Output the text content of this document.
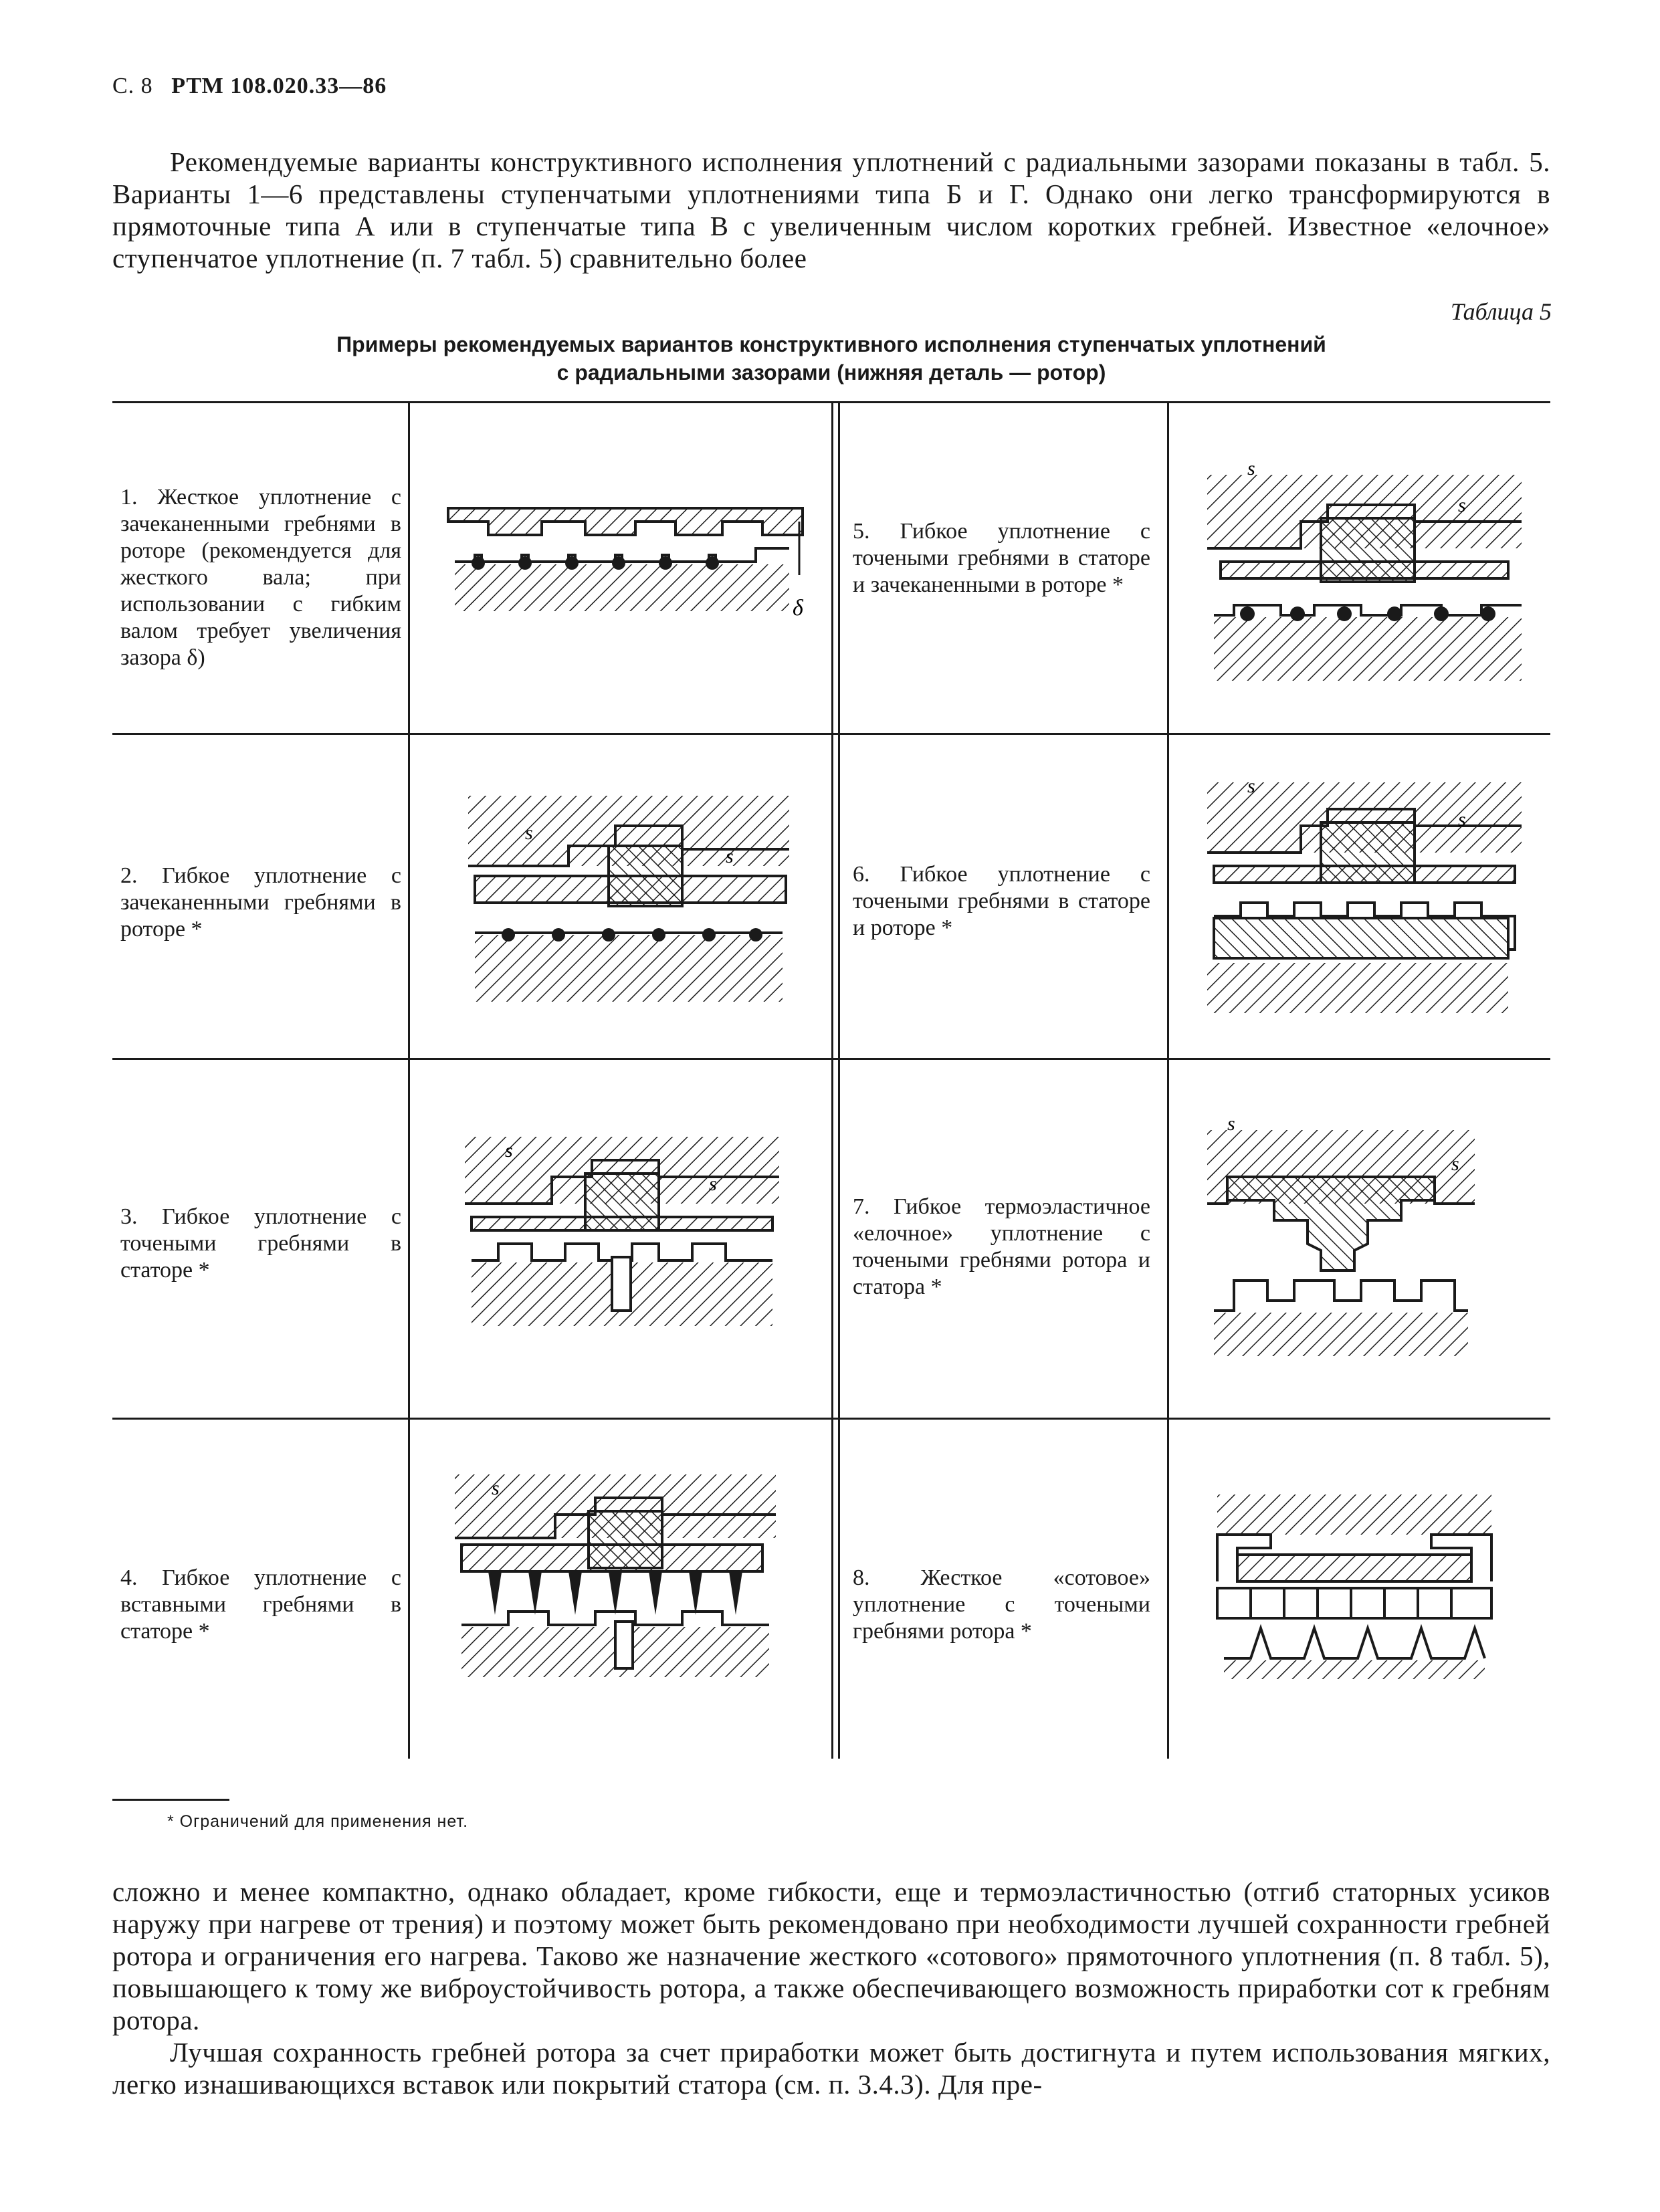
С. 8 РТМ 108.020.33—86
Рекомендуемые варианты конструктивного исполнения уплотнений с радиальными зазорами показаны в табл. 5. Варианты 1—6 представлены ступенчатыми уплотнениями типа Б и Г. Однако они легко трансформируются в прямоточные типа А или в ступенчатые типа В с увеличенным числом коротких гребней. Известное «елочное» ступенчатое уплотнение (п. 7 табл. 5) сравнительно более
Таблица 5
Примеры рекомендуемых вариантов конструктивного исполнения ступенчатых уплотнений
с радиальными зазорами (нижняя деталь — ротор)
1. Жесткое уплотнение с зачеканенными гребнями в роторе (рекомендуется для жесткого вала; при использовании с гибким валом требует увеличения зазора δ)
2. Гибкое уплотнение с зачеканенными гребнями в роторе *
3. Гибкое уплотнение с точеными гребнями в статоре *
4. Гибкое уплотнение с вставными гребнями в статоре *
5. Гибкое уплотнение с точеными гребнями в статоре и зачеканенными в роторе *
6. Гибкое уплотнение с точеными гребнями в статоре и роторе *
7. Гибкое термоэластичное «елочное» уплотнение с точеными гребнями ротора и статора *
8. Жесткое «сотовое» уплотнение с точеными гребнями ротора *
δ
s
s
s
s
s
s
s
s
s
s
s
* Ограничений для применения нет.
сложно и менее компактно, однако обладает, кроме гибкости, еще и термоэластичностью (отгиб статорных усиков наружу при нагреве от трения) и поэтому может быть рекомендовано при необходимости лучшей сохранности гребней ротора и ограничения его нагрева. Таково же назначение жесткого «сотового» прямоточного уплотнения (п. 8 табл. 5), повышающего к тому же виброустойчивость ротора, а также обеспечивающего возможность приработки сот к гребням ротора.
Лучшая сохранность гребней ротора за счет приработки может быть достигнута и путем использования мягких, легко изнашивающихся вставок или покрытий статора (см. п. 3.4.3). Для пре-
